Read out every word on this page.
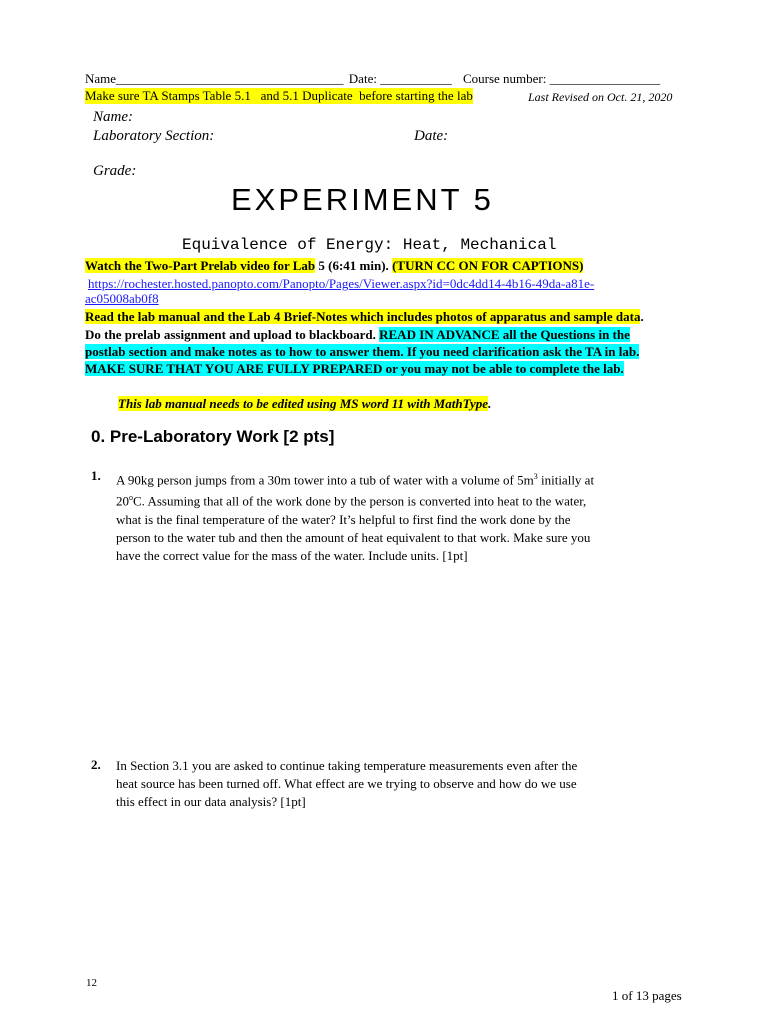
Name___________________________________ Date: ___________ Course number: _________________
Make sure TA Stamps Table 5.1   and 5.1 Duplicate  before starting the lab	Last Revised on Oct. 21, 2020
Name:
Laboratory Section:	Date:
Grade:
EXPERIMENT 5
Equivalence of Energy: Heat, Mechanical
Watch the Two-Part Prelab video for Lab 5 (6:41 min). (TURN CC ON FOR CAPTIONS)
https://rochester.hosted.panopto.com/Panopto/Pages/Viewer.aspx?id=0dc4dd14-4b16-49da-a81e-
ac05008ab0f8
Read the lab manual and the Lab 4 Brief-Notes which includes photos of apparatus and sample data.
Do the prelab assignment and upload to blackboard. READ IN ADVANCE all the Questions in the
postlab section and make notes as to how to answer them. If you need clarification ask the TA in lab.
MAKE SURE THAT YOU ARE FULLY PREPARED or you may not be able to complete the lab.
This lab manual needs to be edited using MS word 11 with MathType.
0. Pre-Laboratory Work [2 pts]
1. A 90kg person jumps from a 30m tower into a tub of water with a volume of $5m^3$ initially at

20$^o$C. Assuming that all of the work done by the person is converted into heat to the water,

what is the final temperature of the water? It’s helpful to first find the work done by the

person to the water tub and then the amount of heat equivalent to that work. Make sure you

have the correct value for the mass of the water. Include units. [1pt]

2. In Section 3.1 you are asked to continue taking temperature measurements even after the

heat source has been turned off. What effect are we trying to observe and how do we use

this effect in our data analysis? [1pt]

12
1 of 13 pages
